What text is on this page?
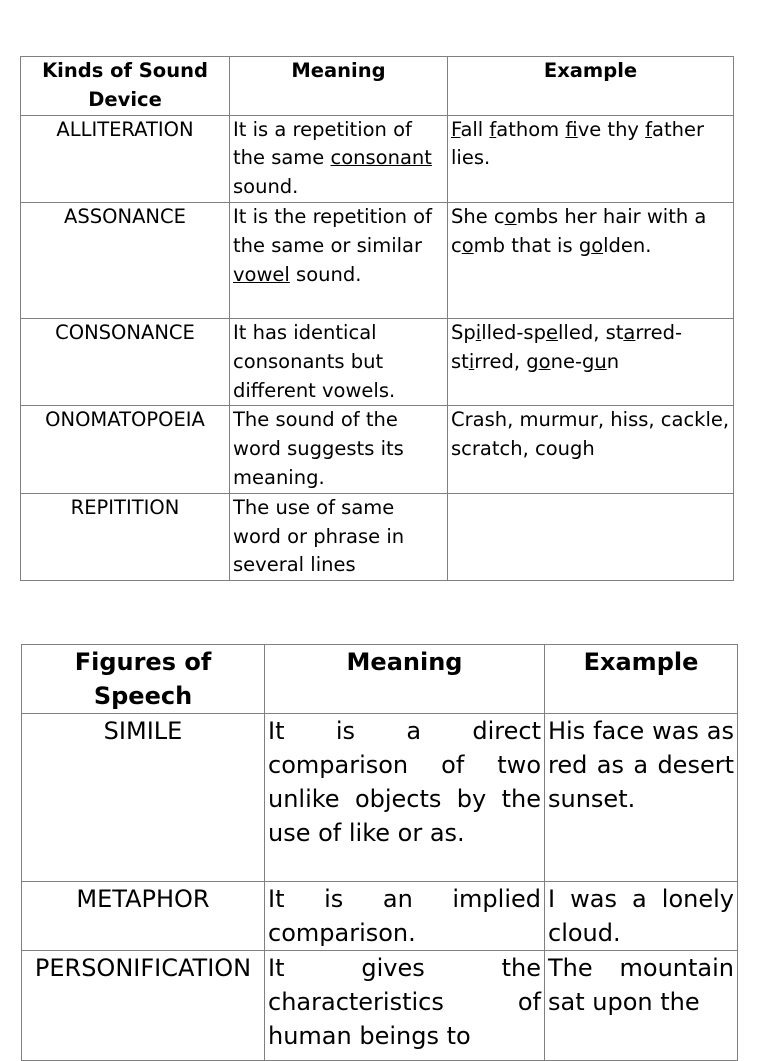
Kinds of Sound Device	Meaning	Example
ALLITERATION	It is a repetition of the same consonant sound.	Fall fathom five thy father lies.
ASSONANCE	It is the repetition of the same or similar vowel sound.	She combs her hair with a comb that is golden.
CONSONANCE	It has identical consonants but different vowels.	Spilled-spelled, starred-stirred, gone-gun
ONOMATOPOEIA	The sound of the word suggests its meaning.	Crash, murmur, hiss, cackle, scratch, cough
REPITITION	The use of same word or phrase in several lines	
Figures of Speech	Meaning	Example
SIMILE	It is a direct comparison of two unlike objects by the use of like or as.	His face was as red as a desert sunset.
METAPHOR	It is an implied comparison.	I was a lonely cloud.
PERSONIFICATION	It gives the characteristics of human beings to	The mountain sat upon the
